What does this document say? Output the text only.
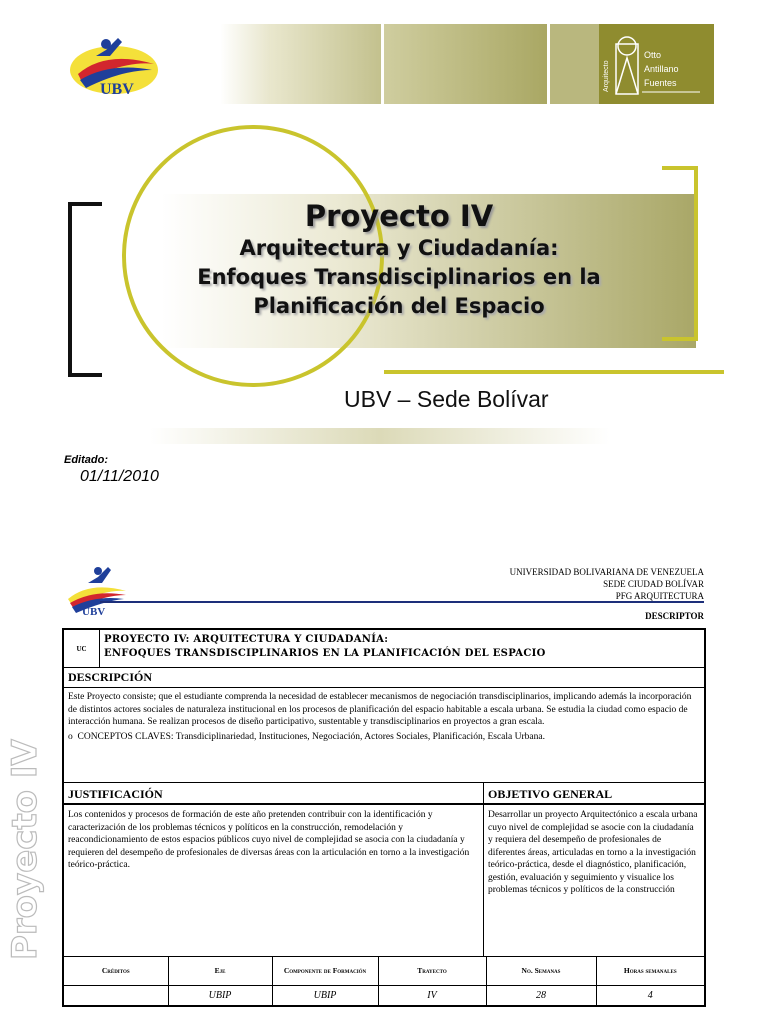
UBV	Arquitecto
Otto
Antillano
Fuentes
Proyecto IV
Arquitectura y Ciudadanía:
Enfoques Transdisciplinarios en la
Planificación del Espacio
UBV – Sede Bolívar
Editado:
01/11/2010
UBV
UNIVERSIDAD BOLIVARIANA DE VENEZUELA
SEDE CIUDAD BOLÍVAR
PFG ARQUITECTURA
DESCRIPTOR
Proyecto IV
UC
PROYECTO IV: ARQUITECTURA Y CIUDADANÍA:
ENFOQUES TRANSDISCIPLINARIOS EN LA PLANIFICACIÓN DEL ESPACIO
DESCRIPCIÓN
Este Proyecto consiste; que el estudiante comprenda la necesidad de establecer mecanismos de negociación transdisciplinarios, implicando además la incorporación de distintos actores sociales de naturaleza institucional en los procesos de planificación del espacio habitable a escala urbana. Se estudia la ciudad como espacio de interacción humana. Se realizan procesos de diseño participativo, sustentable y transdisciplinarios en proyectos a gran escala.
o  CONCEPTOS CLAVES: Transdiciplinariedad, Instituciones, Negociación, Actores Sociales, Planificación, Escala Urbana.
JUSTIFICACIÓN
Los contenidos y procesos de formación de este año pretenden contribuir con la identificación y caracterización de los problemas técnicos y políticos en la construcción, remodelación y reacondicionamiento de estos espacios públicos cuyo nivel de complejidad se asocia con la ciudadanía y requieren del desempeño de profesionales de diversas áreas con la articulación en torno a la investigación teórico-práctica.
OBJETIVO GENERAL
Desarrollar un proyecto Arquitectónico a escala urbana cuyo nivel de complejidad se asocie con la ciudadanía y requiera del desempeño de profesionales de diferentes áreas, articuladas en torno a la investigación teórico-práctica, desde el diagnóstico, planificación, gestión, evaluación y seguimiento y visualice los problemas técnicos y políticos de la construcción
Créditos	Eje	Componente de Formación	Trayecto	No. Semanas	Horas semanales
	UBIP	UBIP	IV	28	4
